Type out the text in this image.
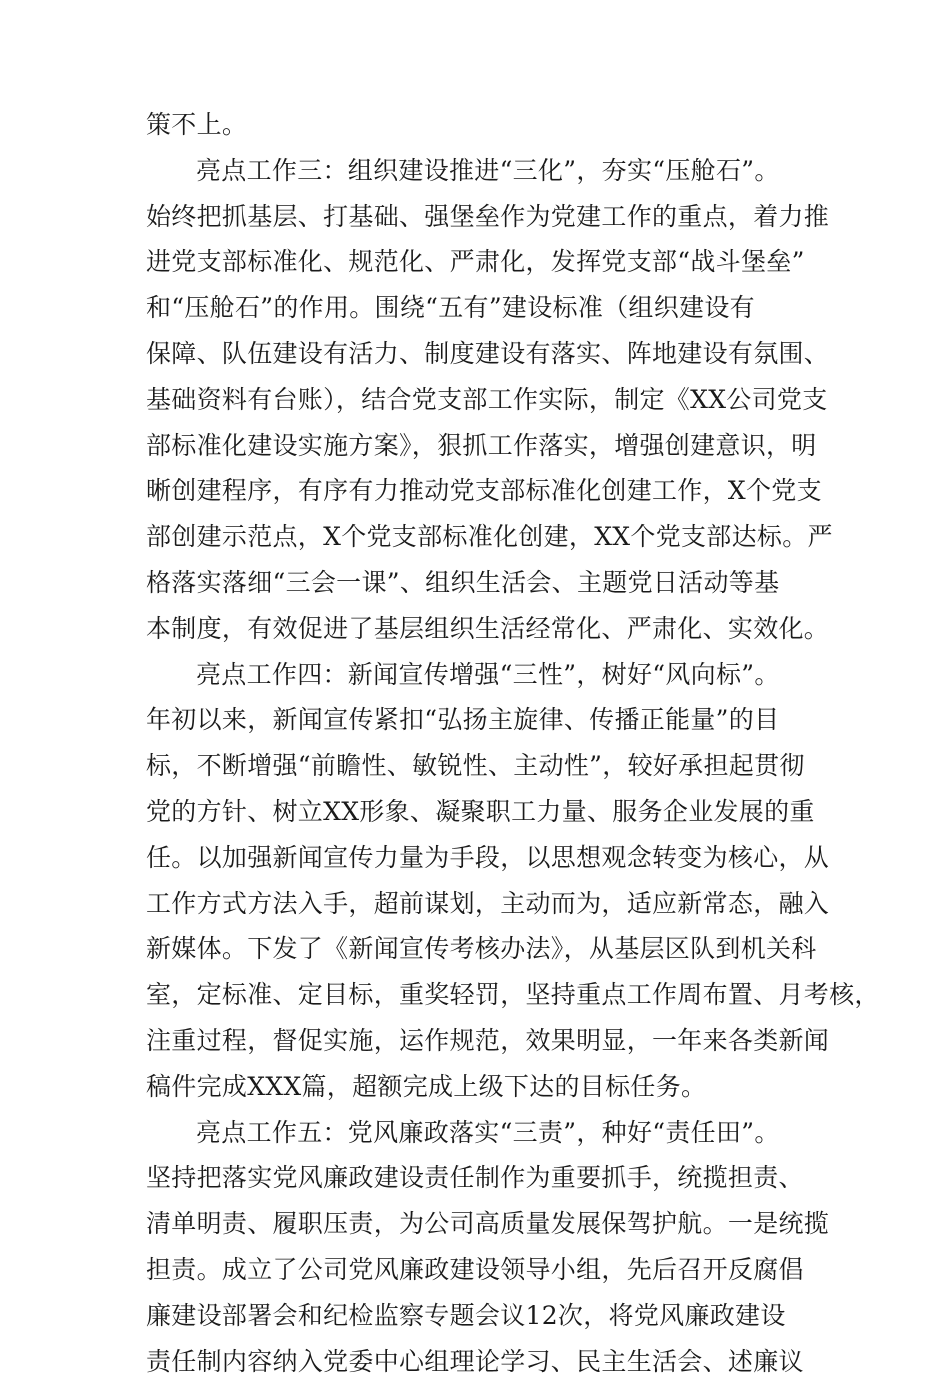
策不上。
亮点工作三：组织建设推进“三化”，夯实“压舱石”。
始终把抓基层、打基础、强堡垒作为党建工作的重点，着力推
进党支部标准化、规范化、严肃化，发挥党支部“战斗堡垒”
和“压舱石”的作用。围绕“五有”建设标准（组织建设有
保障、队伍建设有活力、制度建设有落实、阵地建设有氛围、
基础资料有台账），结合党支部工作实际，制定《XX公司党支
部标准化建设实施方案》，狠抓工作落实，增强创建意识，明
晰创建程序，有序有力推动党支部标准化创建工作，X个党支
部创建示范点，X个党支部标准化创建，XX个党支部达标。严
格落实落细“三会一课”、组织生活会、主题党日活动等基
本制度，有效促进了基层组织生活经常化、严肃化、实效化。
亮点工作四：新闻宣传增强“三性”，树好“风向标”。
年初以来，新闻宣传紧扣“弘扬主旋律、传播正能量”的目
标，不断增强“前瞻性、敏锐性、主动性”，较好承担起贯彻
党的方针、树立XX形象、凝聚职工力量、服务企业发展的重
任。以加强新闻宣传力量为手段，以思想观念转变为核心，从
工作方式方法入手，超前谋划，主动而为，适应新常态，融入
新媒体。下发了《新闻宣传考核办法》，从基层区队到机关科
室，定标准、定目标，重奖轻罚，坚持重点工作周布置、月考核，
注重过程，督促实施，运作规范，效果明显，一年来各类新闻
稿件完成XXX篇，超额完成上级下达的目标任务。
亮点工作五：党风廉政落实“三责”，种好“责任田”。
坚持把落实党风廉政建设责任制作为重要抓手，统揽担责、
清单明责、履职压责，为公司高质量发展保驾护航。一是统揽
担责。成立了公司党风廉政建设领导小组，先后召开反腐倡
廉建设部署会和纪检监察专题会议12次，将党风廉政建设
责任制内容纳入党委中心组理论学习、民主生活会、述廉议
